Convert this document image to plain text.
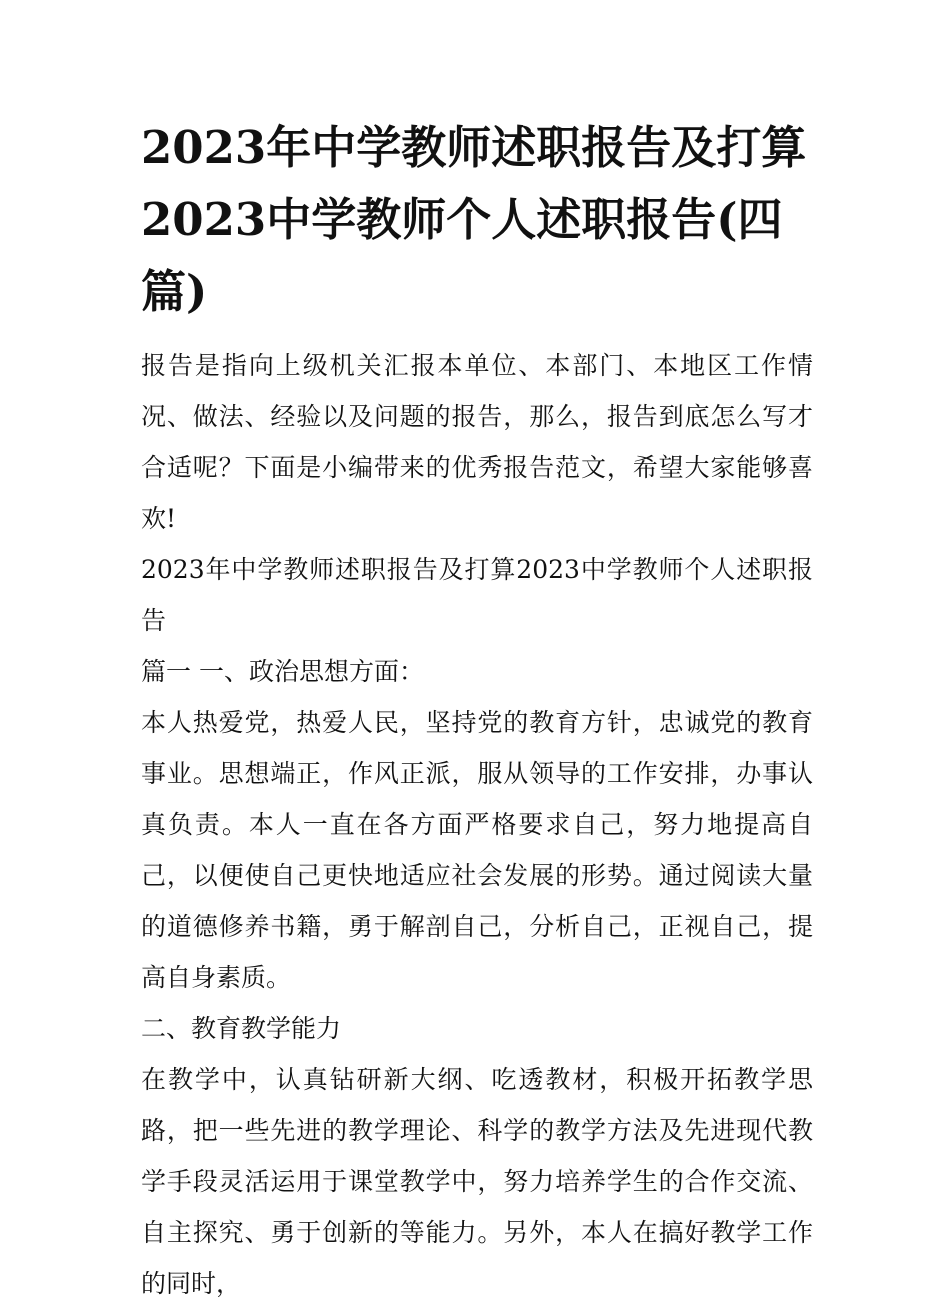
2023年中学教师述职报告及打算2023中学教师个人述职报告(四篇)

报告是指向上级机关汇报本单位、本部门、本地区工作情况、做法、经验以及问题的报告，那么，报告到底怎么写才合适呢？下面是小编带来的优秀报告范文，希望大家能够喜欢!

2023年中学教师述职报告及打算2023中学教师个人述职报告

篇一 一、政治思想方面：

本人热爱党，热爱人民，坚持党的教育方针，忠诚党的教育事业。思想端正，作风正派，服从领导的工作安排，办事认真负责。本人一直在各方面严格要求自己，努力地提高自己，以便使自己更快地适应社会发展的形势。通过阅读大量的道德修养书籍，勇于解剖自己，分析自己，正视自己，提高自身素质。

二、教育教学能力

在教学中，认真钻研新大纲、吃透教材，积极开拓教学思路，把一些先进的教学理论、科学的教学方法及先进现代教学手段灵活运用于课堂教学中，努力培养学生的合作交流、自主探究、勇于创新的等能力。另外，本人在搞好教学工作的同时，
